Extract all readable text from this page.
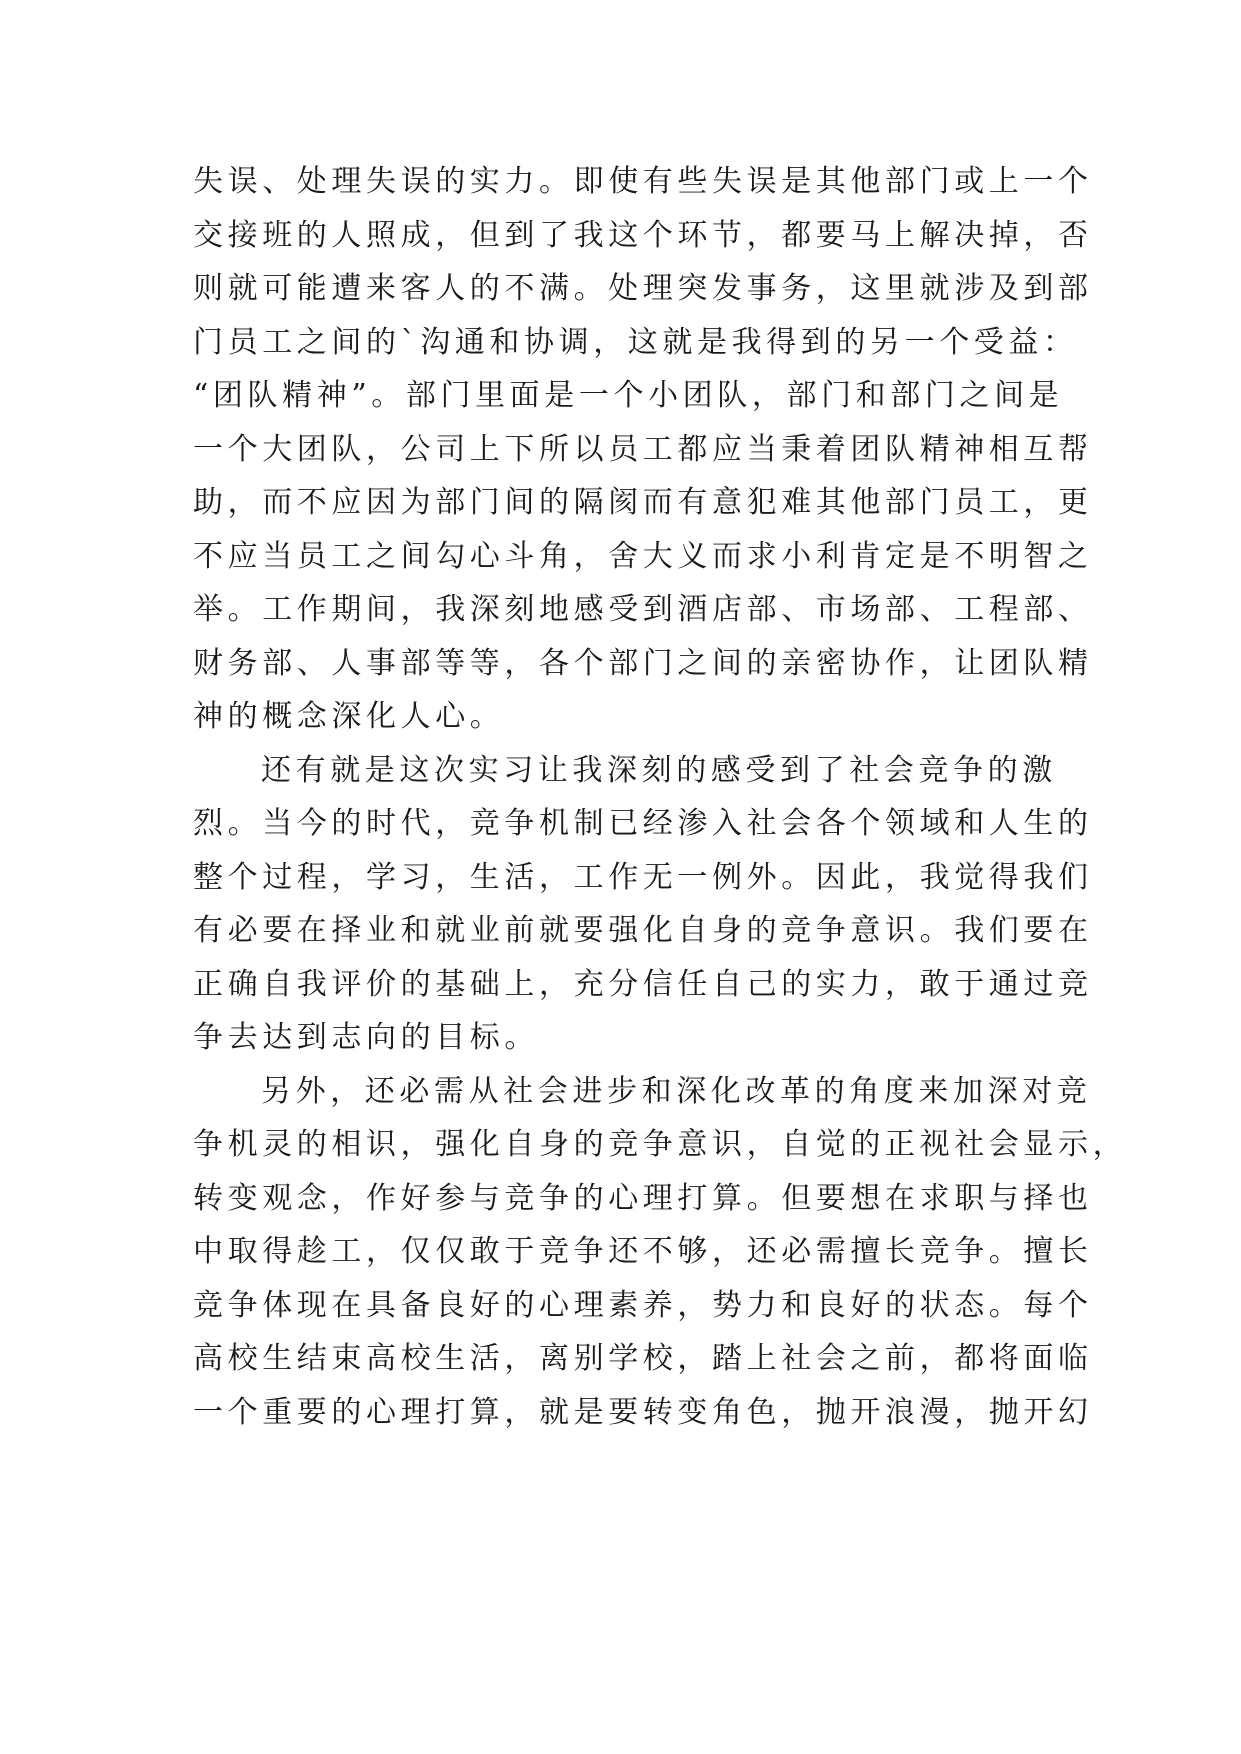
失误、处理失误的实力。即使有些失误是其他部门或上一个
交接班的人照成，但到了我这个环节，都要马上解决掉，否
则就可能遭来客人的不满。处理突发事务，这里就涉及到部
门员工之间的`沟通和协调，这就是我得到的另一个受益：
“团队精神”。部门里面是一个小团队，部门和部门之间是
一个大团队，公司上下所以员工都应当秉着团队精神相互帮
助，而不应因为部门间的隔阂而有意犯难其他部门员工，更
不应当员工之间勾心斗角，舍大义而求小利肯定是不明智之
举。工作期间，我深刻地感受到酒店部、市场部、工程部、
财务部、人事部等等，各个部门之间的亲密协作，让团队精
神的概念深化人心。

还有就是这次实习让我深刻的感受到了社会竞争的激
烈。当今的时代，竞争机制已经渗入社会各个领域和人生的
整个过程，学习，生活，工作无一例外。因此，我觉得我们
有必要在择业和就业前就要强化自身的竞争意识。我们要在
正确自我评价的基础上，充分信任自己的实力，敢于通过竞
争去达到志向的目标。

另外，还必需从社会进步和深化改革的角度来加深对竞
争机灵的相识，强化自身的竞争意识，自觉的正视社会显示，
转变观念，作好参与竞争的心理打算。但要想在求职与择也
中取得趁工，仅仅敢于竞争还不够，还必需擅长竞争。擅长
竞争体现在具备良好的心理素养，势力和良好的状态。每个
高校生结束高校生活，离别学校，踏上社会之前，都将面临
一个重要的心理打算，就是要转变角色，抛开浪漫，抛开幻
